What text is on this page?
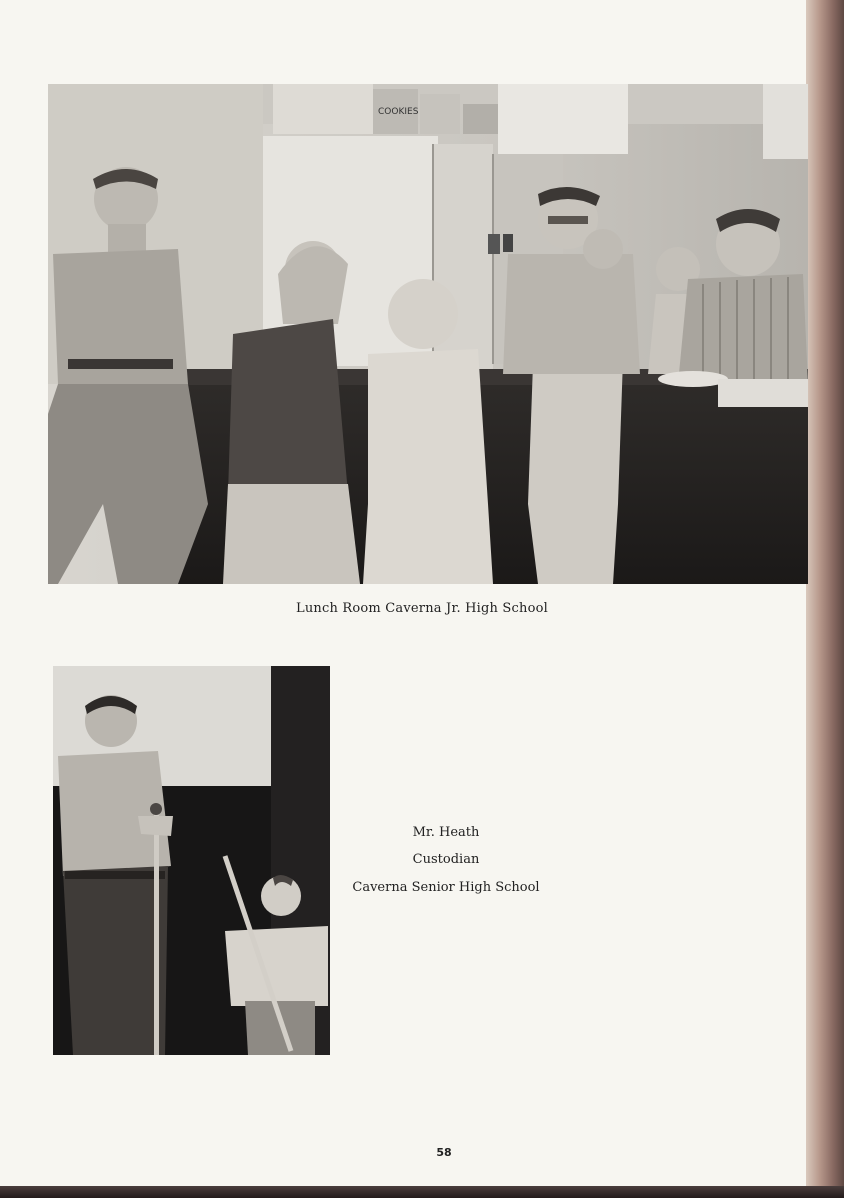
COOKIES
Lunch Room Caverna Jr. High School
Mr. Heath
Custodian
Caverna Senior High School
58
